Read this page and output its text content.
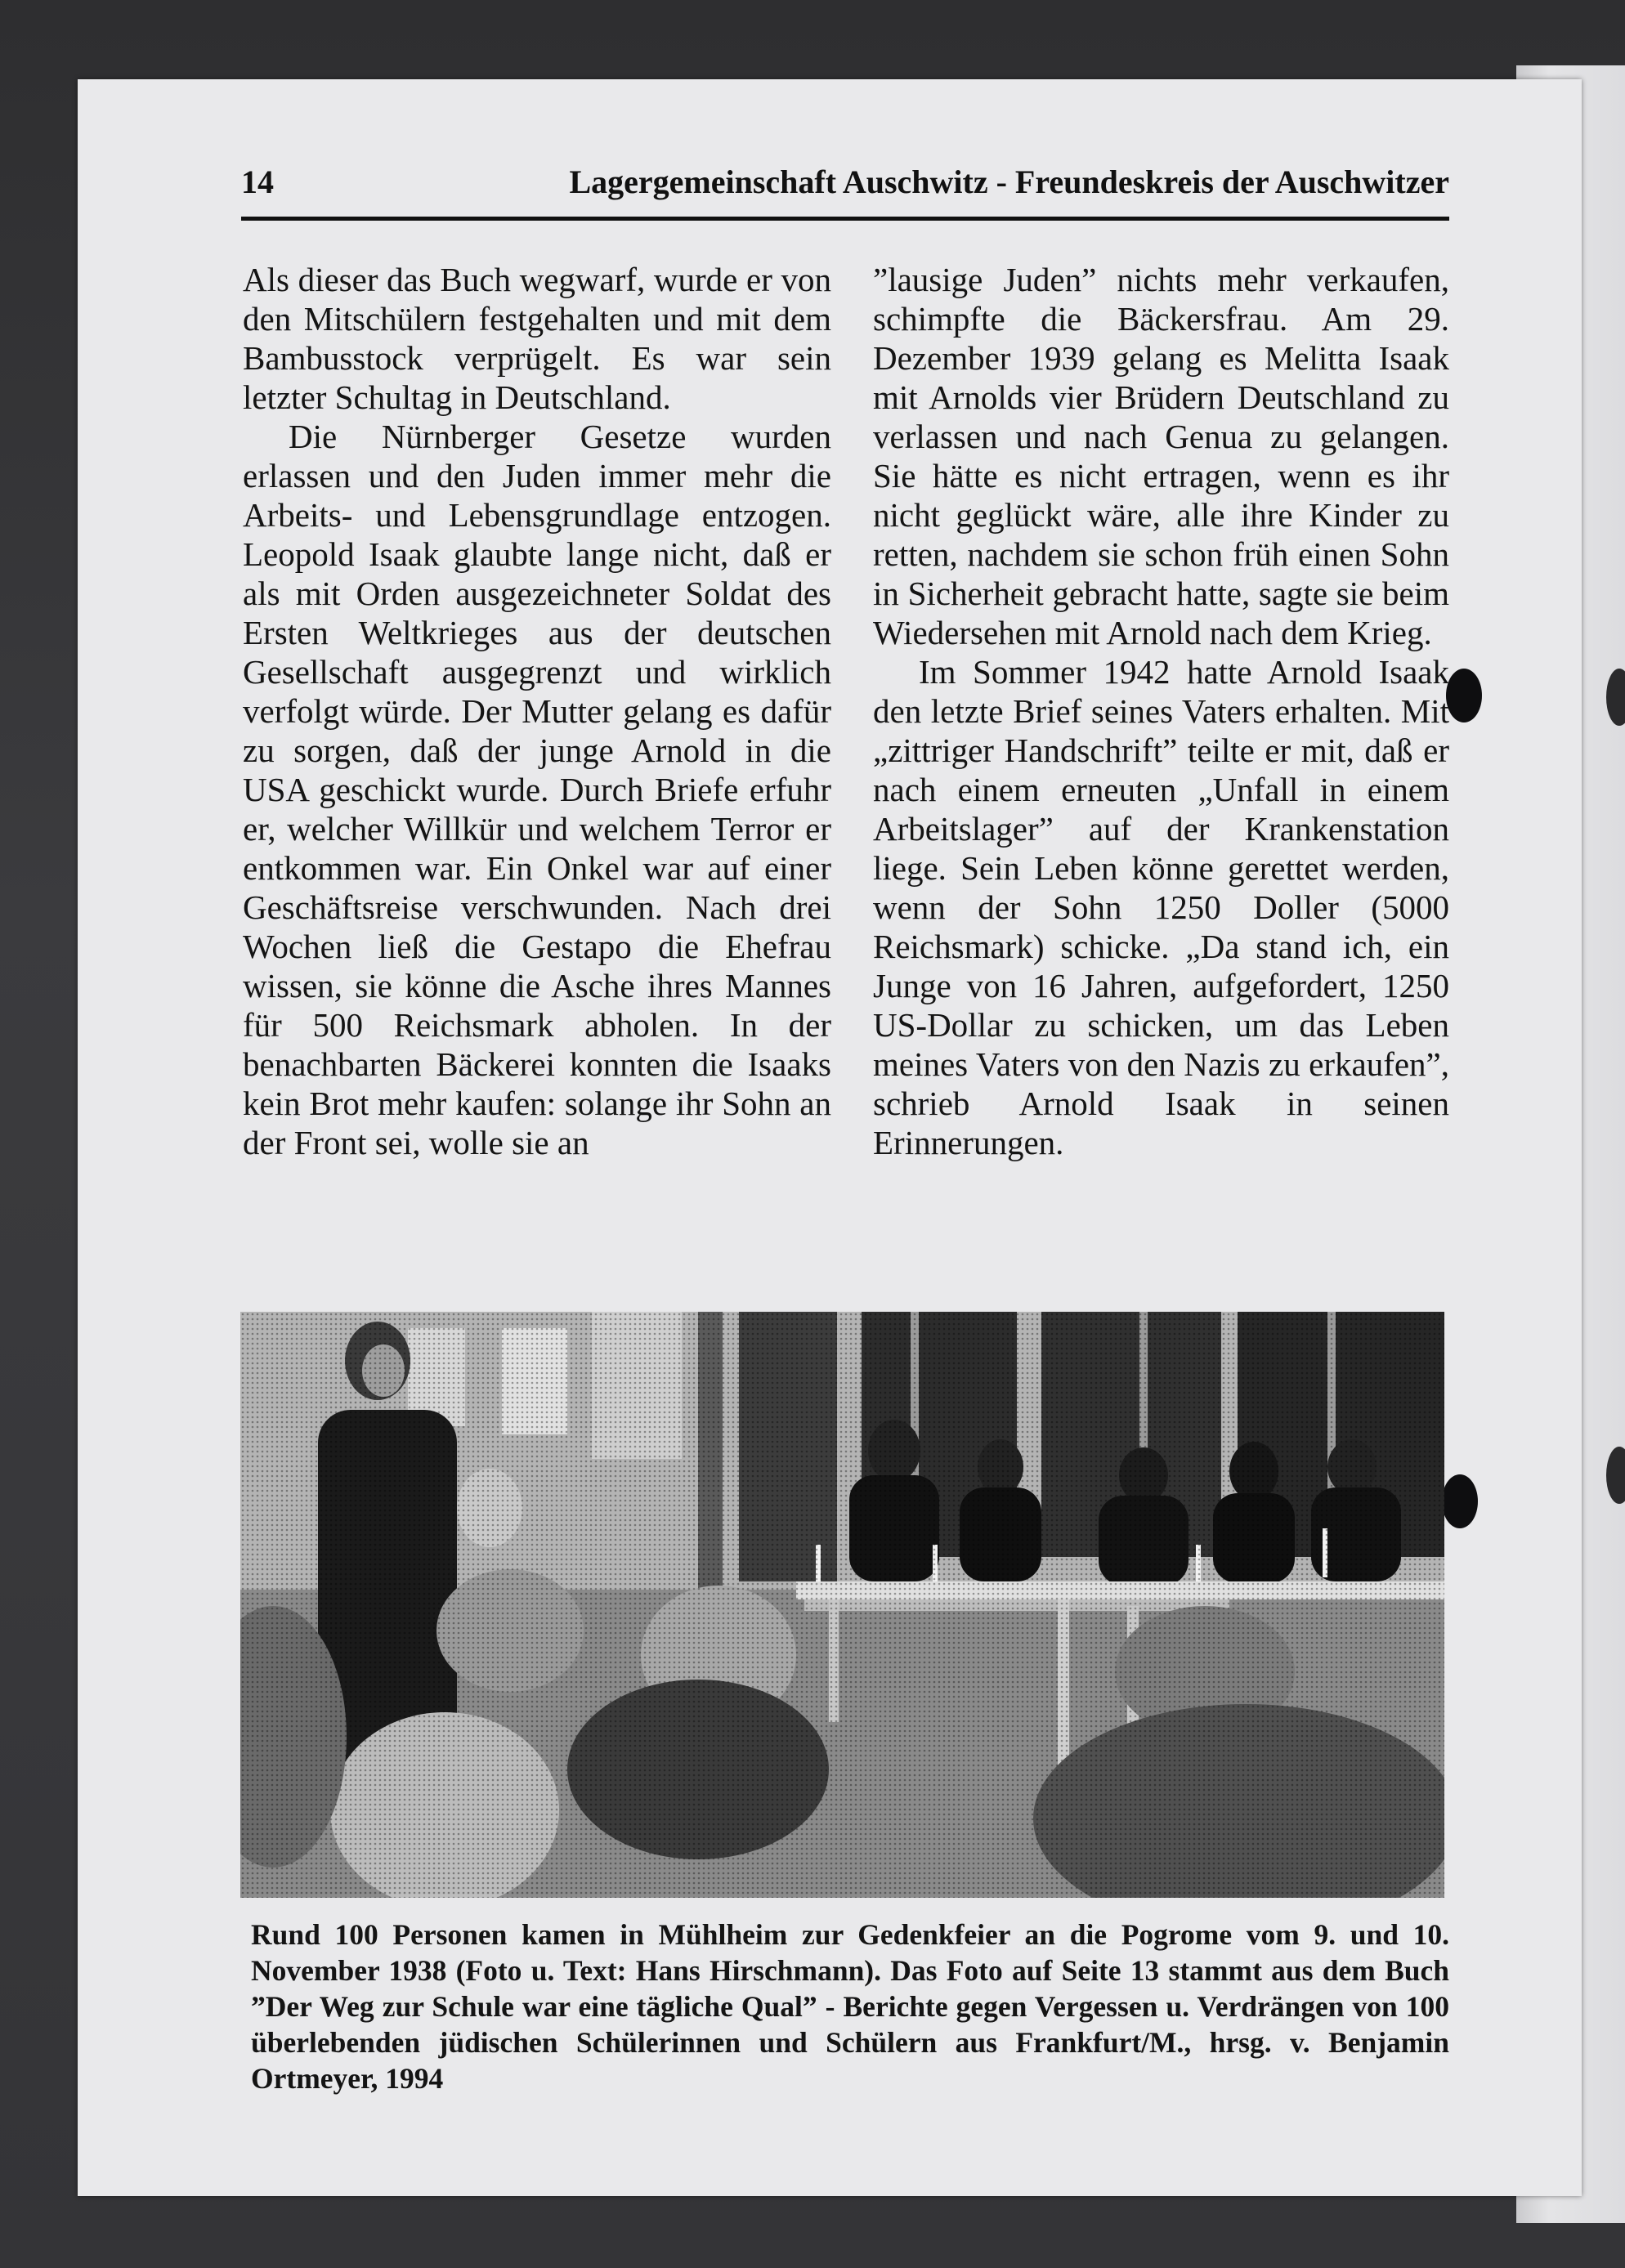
14	Lagergemeinschaft Auschwitz - Freundeskreis der Auschwitzer

Als dieser das Buch wegwarf, wurde er von den Mitschülern festgehalten und mit dem Bambusstock verprügelt. Es war sein letzter Schultag in Deutschland.

Die Nürnberger Gesetze wurden erlassen und den Juden immer mehr die Arbeits- und Lebensgrundlage entzogen. Leopold Isaak glaubte lange nicht, daß er als mit Orden ausgezeichneter Soldat des Ersten Weltkrieges aus der deutschen Gesellschaft ausgegrenzt und wirklich verfolgt würde. Der Mutter gelang es dafür zu sorgen, daß der junge Arnold in die USA geschickt wurde. Durch Briefe erfuhr er, welcher Willkür und welchem Terror er entkommen war. Ein Onkel war auf einer Geschäftsreise verschwunden. Nach drei Wochen ließ die Gestapo die Ehefrau wissen, sie könne die Asche ihres Mannes für 500 Reichsmark abholen. In der benachbarten Bäckerei konnten die Isaaks kein Brot mehr kaufen: solange ihr Sohn an der Front sei, wolle sie an

”lausige Juden” nichts mehr verkaufen, schimpfte die Bäckersfrau. Am 29. Dezember 1939 gelang es Melitta Isaak mit Arnolds vier Brüdern Deutschland zu verlassen und nach Genua zu gelangen. Sie hätte es nicht ertragen, wenn es ihr nicht geglückt wäre, alle ihre Kinder zu retten, nachdem sie schon früh einen Sohn in Sicherheit gebracht hatte, sagte sie beim Wiedersehen mit Arnold nach dem Krieg.

Im Sommer 1942 hatte Arnold Isaak den letzte Brief seines Vaters erhalten. Mit „zittriger Handschrift” teilte er mit, daß er nach einem erneuten „Unfall in einem Arbeitslager” auf der Krankenstation liege. Sein Leben könne gerettet werden, wenn der Sohn 1250 Doller (5000 Reichsmark) schicke. „Da stand ich, ein Junge von 16 Jahren, aufgefordert, 1250 US-Dollar zu schicken, um das Leben meines Vaters von den Nazis zu erkaufen”, schrieb Arnold Isaak in seinen Erinnerungen.

Rund 100 Personen kamen in Mühlheim zur Gedenkfeier an die Pogrome vom 9. und 10. November 1938 (Foto u. Text: Hans Hirschmann). Das Foto auf Seite 13 stammt aus dem Buch ”Der Weg zur Schule war eine tägliche Qual” - Berichte gegen Vergessen u. Verdrängen von 100 überlebenden jüdischen Schülerinnen und Schülern aus Frankfurt/M., hrsg. v. Benjamin Ortmeyer, 1994
